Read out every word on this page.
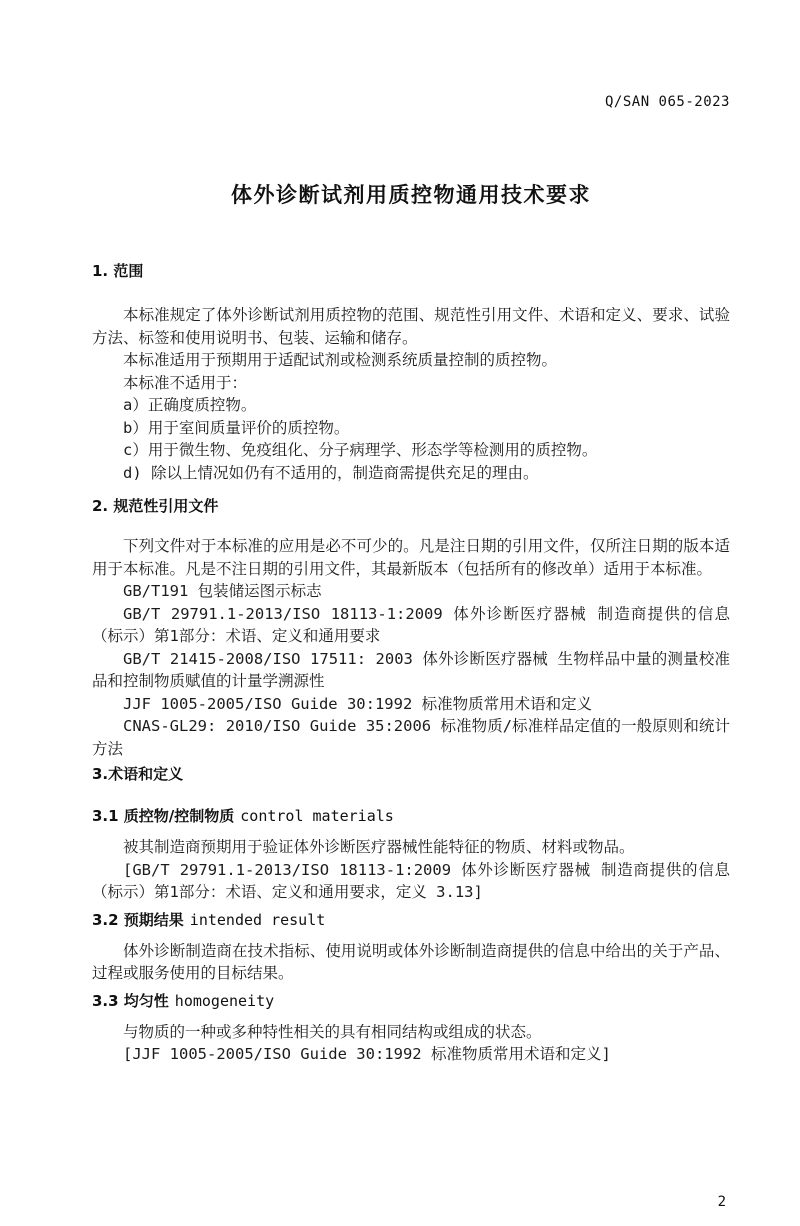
Q/SAN 065-2023
体外诊断试剂用质控物通用技术要求
1. 范围
本标准规定了体外诊断试剂用质控物的范围、规范性引用文件、术语和定义、要求、试验方法、标签和使用说明书、包装、运输和储存。
本标准适用于预期用于适配试剂或检测系统质量控制的质控物。
本标准不适用于：
a）正确度质控物。
b）用于室间质量评价的质控物。
c）用于微生物、免疫组化、分子病理学、形态学等检测用的质控物。
d) 除以上情况如仍有不适用的，制造商需提供充足的理由。
2. 规范性引用文件
下列文件对于本标准的应用是必不可少的。凡是注日期的引用文件，仅所注日期的版本适用于本标准。凡是不注日期的引用文件，其最新版本（包括所有的修改单）适用于本标准。
GB/T191 包装储运图示标志
GB/T 29791.1-2013/ISO 18113-1:2009 体外诊断医疗器械 制造商提供的信息（标示）第1部分：术语、定义和通用要求
GB/T 21415-2008/ISO 17511: 2003 体外诊断医疗器械 生物样品中量的测量校准品和控制物质赋值的计量学溯源性
JJF 1005-2005/ISO Guide 30:1992 标准物质常用术语和定义
CNAS-GL29: 2010/ISO Guide 35:2006 标准物质/标准样品定值的一般原则和统计方法
3.术语和定义
3.1 质控物/控制物质 control materials
被其制造商预期用于验证体外诊断医疗器械性能特征的物质、材料或物品。
[GB/T 29791.1-2013/ISO 18113-1:2009 体外诊断医疗器械 制造商提供的信息（标示）第1部分：术语、定义和通用要求，定义 3.13]
3.2 预期结果 intended result
体外诊断制造商在技术指标、使用说明或体外诊断制造商提供的信息中给出的关于产品、过程或服务使用的目标结果。
3.3 均匀性 homogeneity
与物质的一种或多种特性相关的具有相同结构或组成的状态。
[JJF 1005-2005/ISO Guide 30:1992 标准物质常用术语和定义]
2
